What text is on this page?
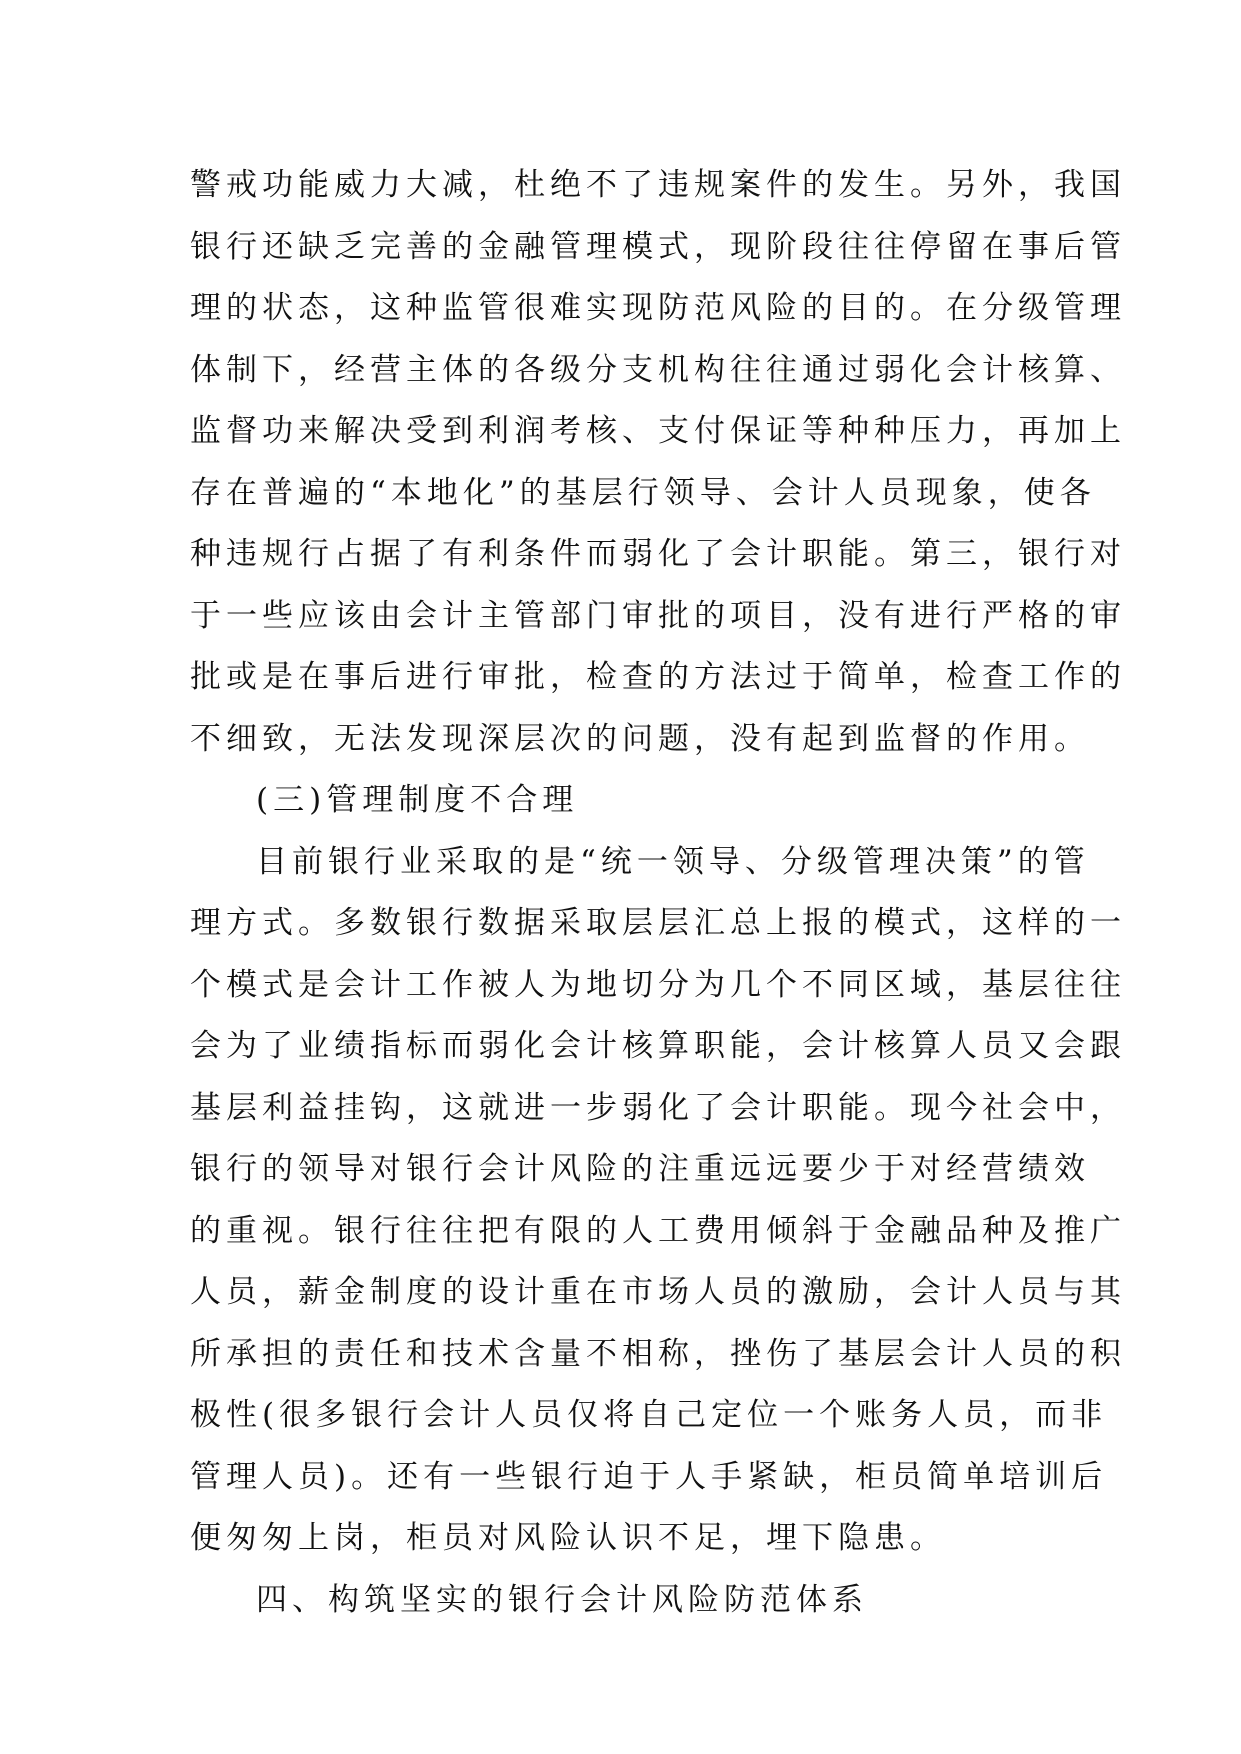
警戒功能威力大减，杜绝不了违规案件的发生。另外，我国
银行还缺乏完善的金融管理模式，现阶段往往停留在事后管
理的状态，这种监管很难实现防范风险的目的。在分级管理
体制下，经营主体的各级分支机构往往通过弱化会计核算、
监督功来解决受到利润考核、支付保证等种种压力，再加上
存在普遍的“本地化”的基层行领导、会计人员现象，使各
种违规行占据了有利条件而弱化了会计职能。第三，银行对
于一些应该由会计主管部门审批的项目，没有进行严格的审
批或是在事后进行审批，检查的方法过于简单，检查工作的
不细致，无法发现深层次的问题，没有起到监督的作用。
(三)管理制度不合理
目前银行业采取的是“统一领导、分级管理决策”的管
理方式。多数银行数据采取层层汇总上报的模式，这样的一
个模式是会计工作被人为地切分为几个不同区域，基层往往
会为了业绩指标而弱化会计核算职能，会计核算人员又会跟
基层利益挂钩，这就进一步弱化了会计职能。现今社会中，
银行的领导对银行会计风险的注重远远要少于对经营绩效
的重视。银行往往把有限的人工费用倾斜于金融品种及推广
人员，薪金制度的设计重在市场人员的激励，会计人员与其
所承担的责任和技术含量不相称，挫伤了基层会计人员的积
极性(很多银行会计人员仅将自己定位一个账务人员，而非
管理人员)。还有一些银行迫于人手紧缺，柜员简单培训后
便匆匆上岗，柜员对风险认识不足，埋下隐患。
四、构筑坚实的银行会计风险防范体系
